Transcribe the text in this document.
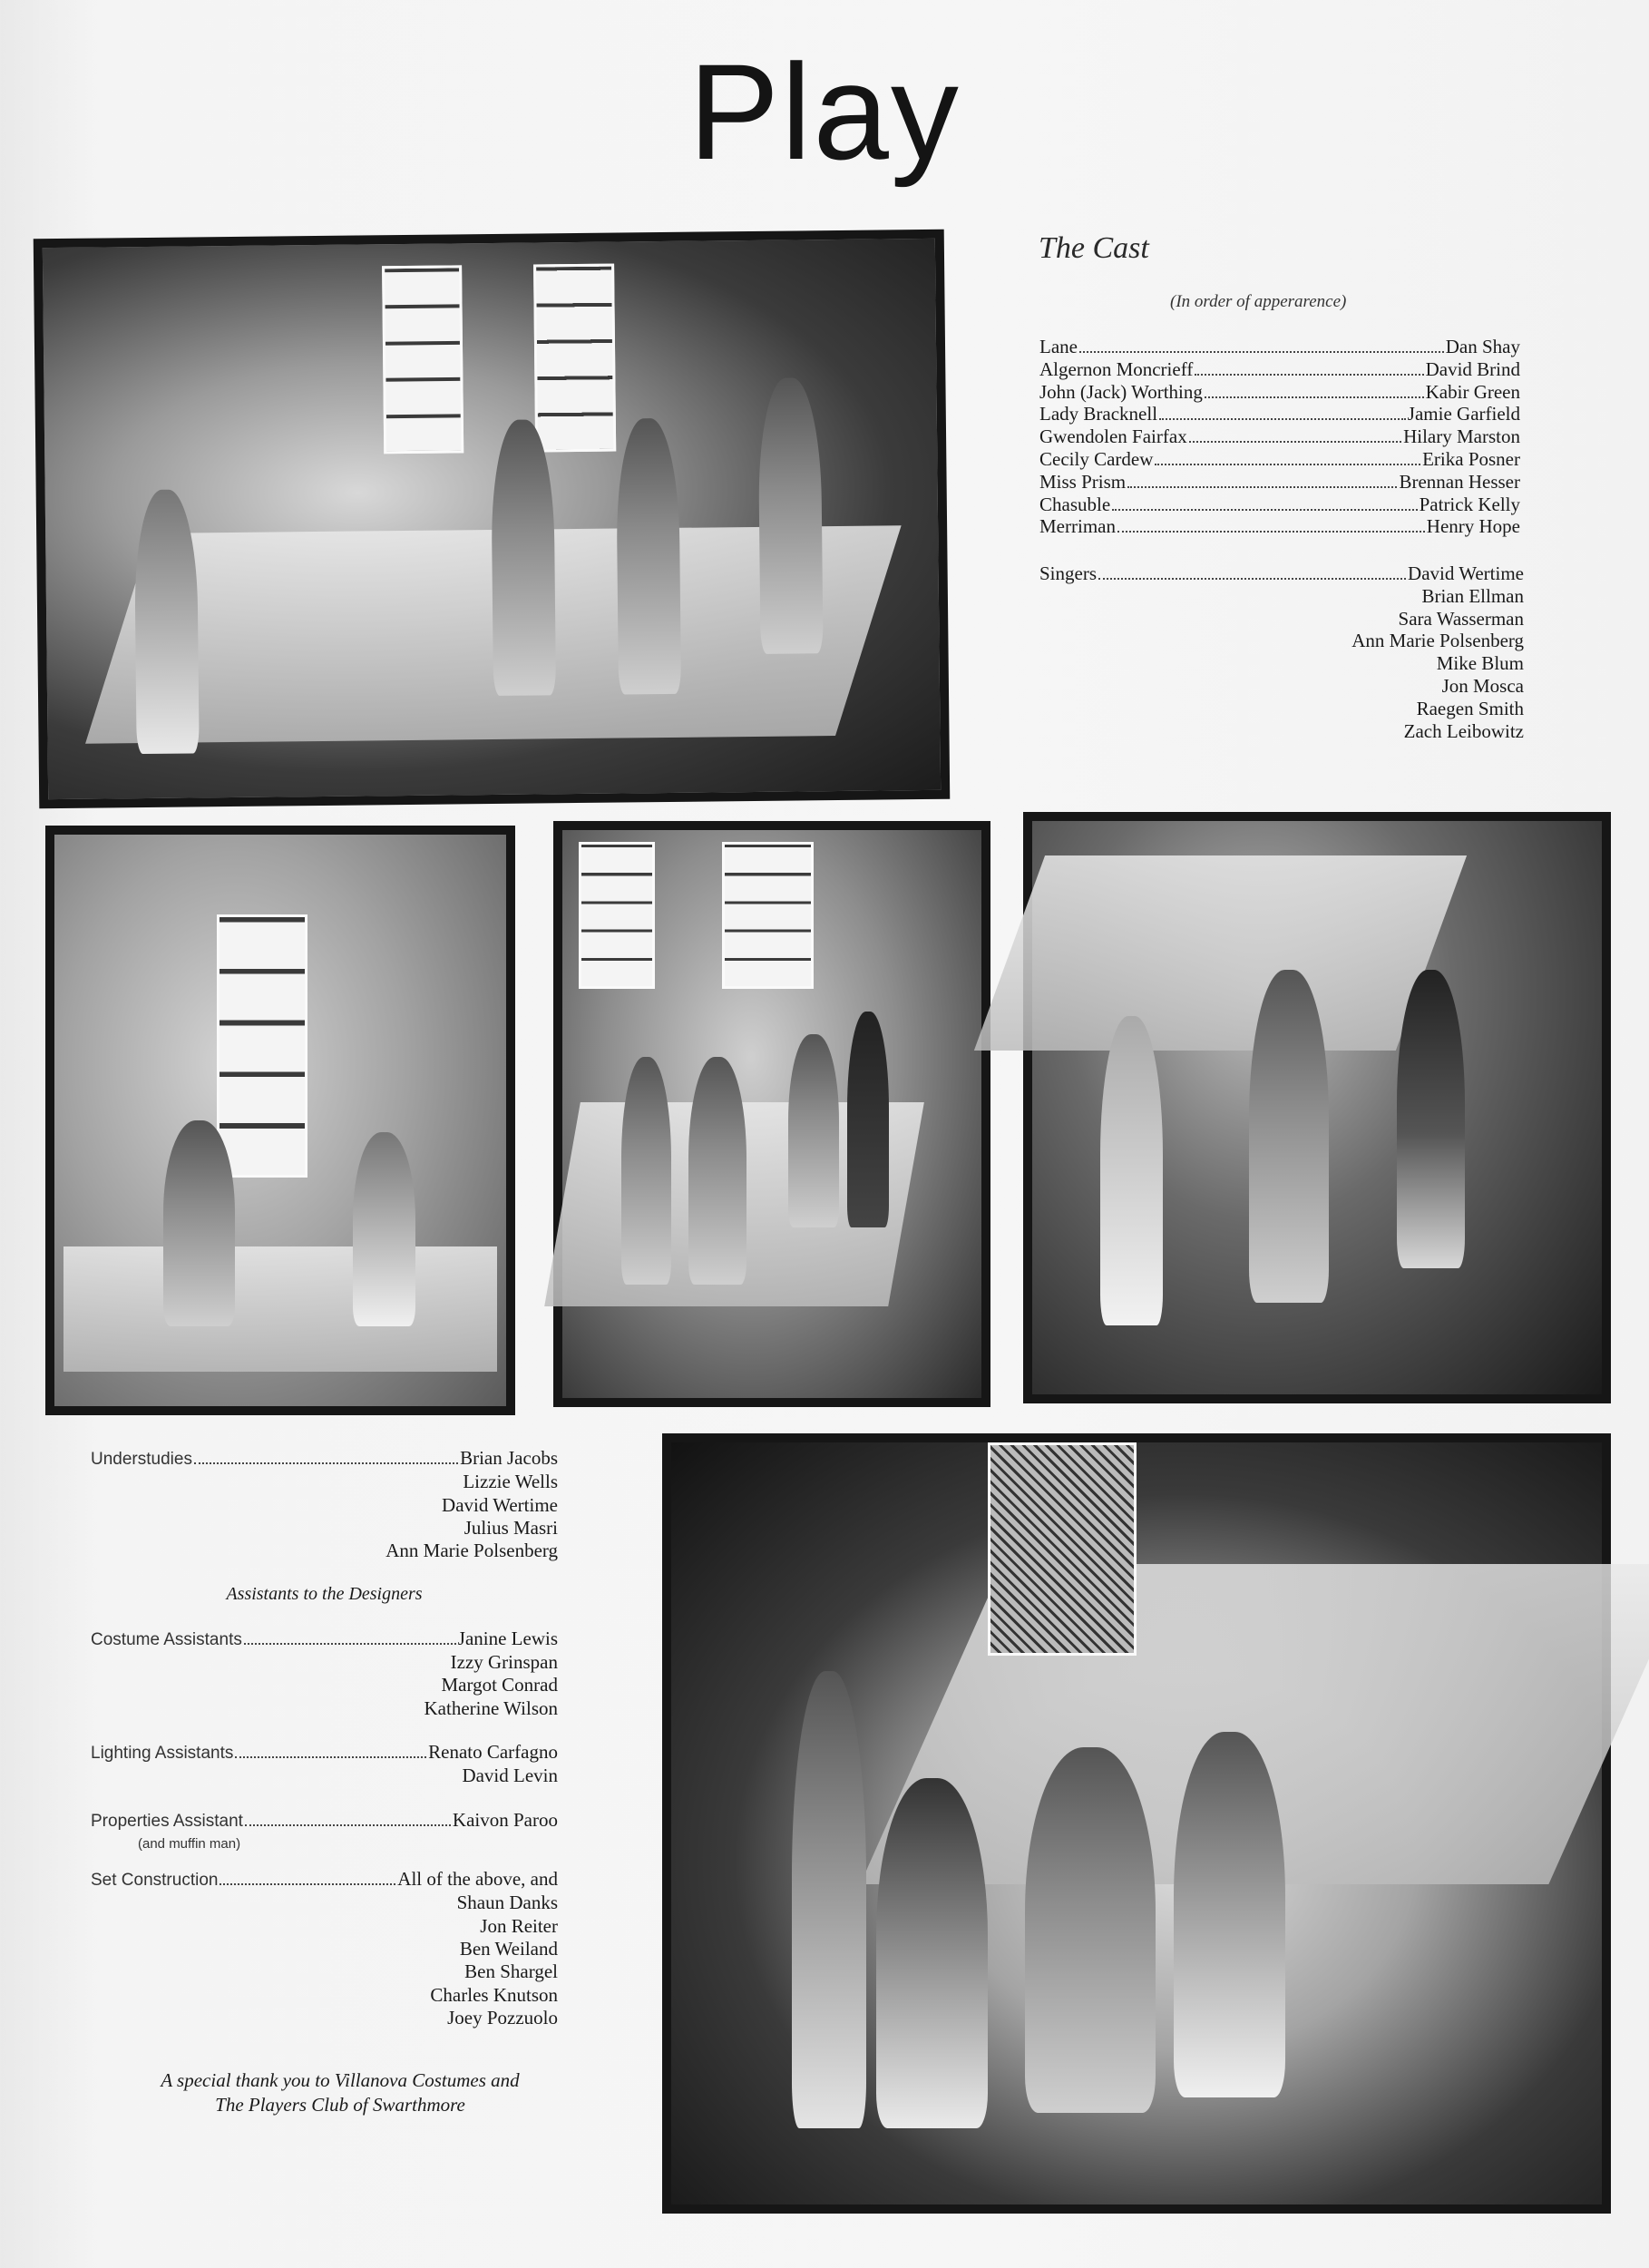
Play
The Cast
(In order of apperarence)
Lane	Dan Shay
Algernon Moncrieff	David Brind
John (Jack) Worthing	Kabir Green
Lady Bracknell	Jamie Garfield
Gwendolen Fairfax	Hilary Marston
Cecily Cardew	Erika Posner
Miss Prism	Brennan Hesser
Chasuble	Patrick Kelly
Merriman	Henry Hope
Singers	David Wertime
Brian Ellman
Sara Wasserman
Ann Marie Polsenberg
Mike Blum
Jon Mosca
Raegen Smith
Zach Leibowitz
Understudies	Brian Jacobs
Lizzie Wells
David Wertime
Julius Masri
Ann Marie Polsenberg
Assistants to the Designers
Costume Assistants	Janine Lewis
Izzy Grinspan
Margot Conrad
Katherine Wilson
Lighting Assistants	Renato Carfagno
David Levin
Properties Assistant	Kaivon Paroo
(and muffin man)
Set Construction	All of the above, and
Shaun Danks
Jon Reiter
Ben Weiland
Ben Shargel
Charles Knutson
Joey Pozzuolo
A special thank you to Villanova Costumes and
The Players Club of Swarthmore
